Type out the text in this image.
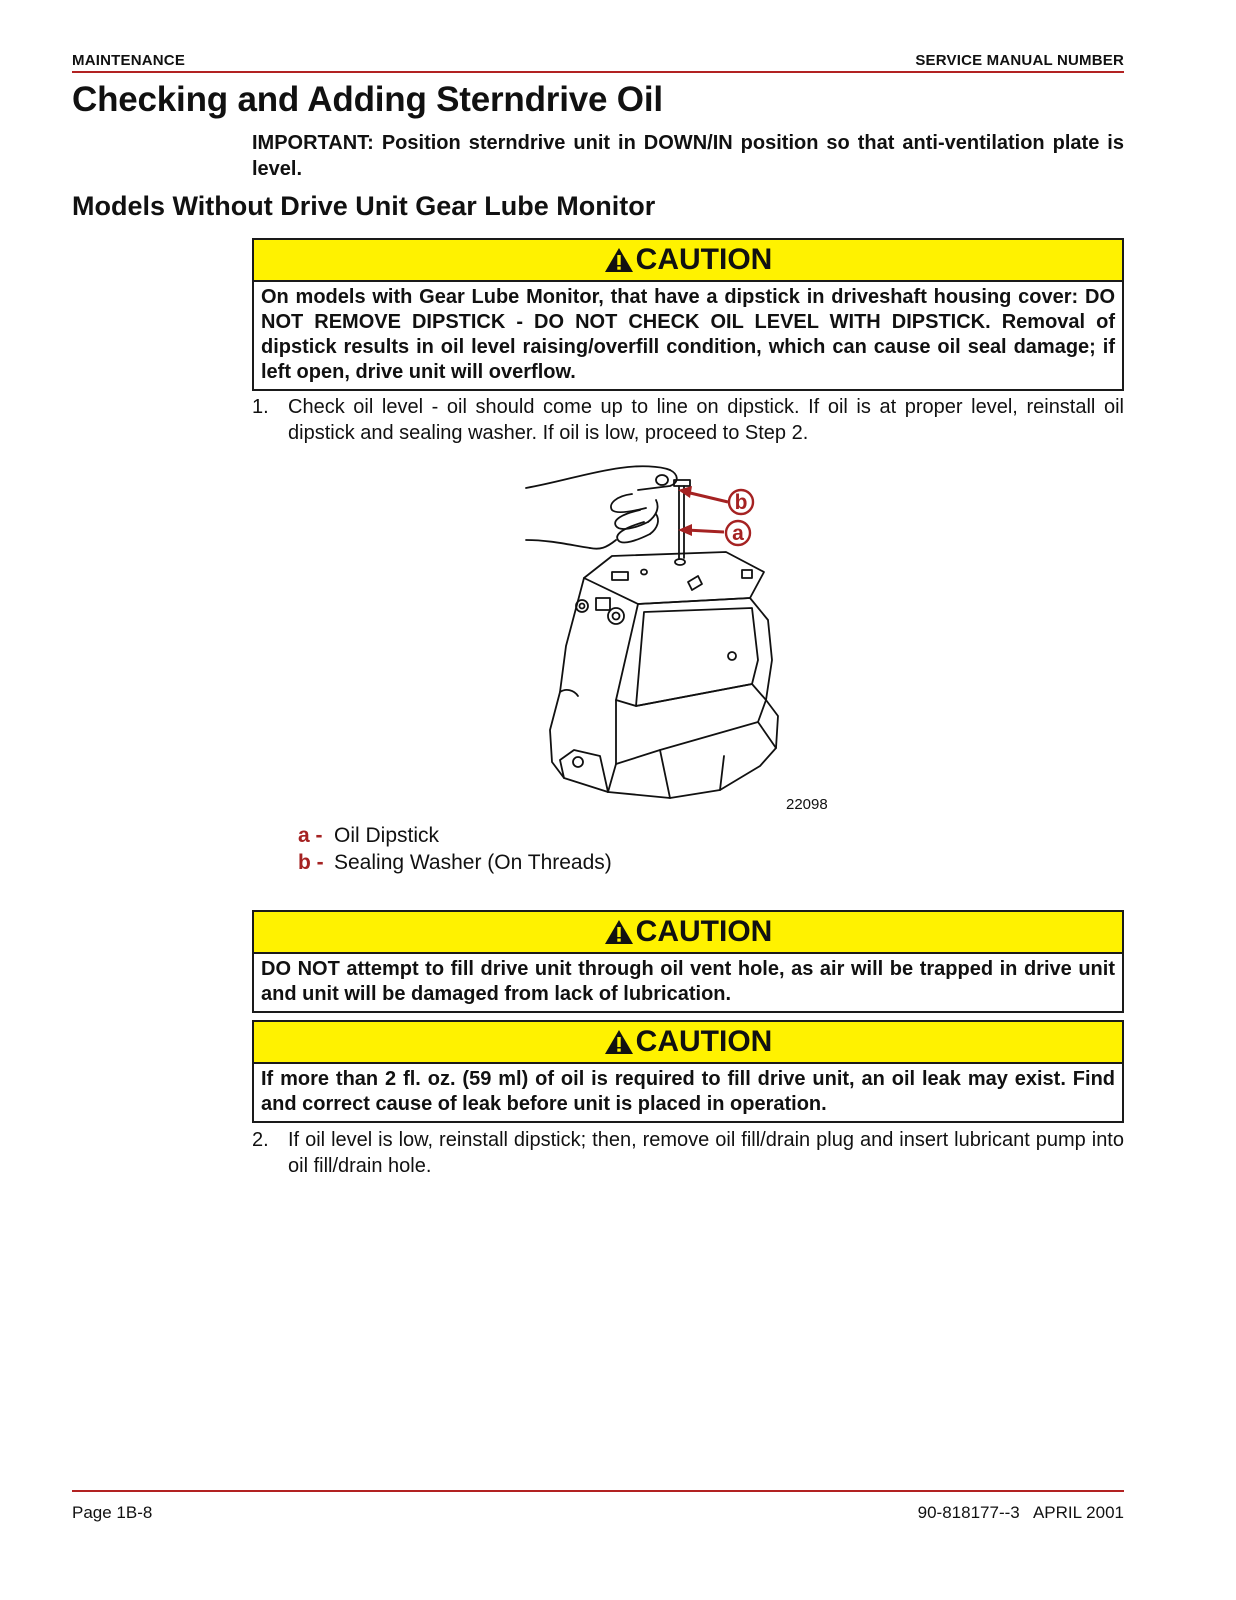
MAINTENANCE	SERVICE MANUAL NUMBER
Checking and Adding Sterndrive Oil
IMPORTANT: Position sterndrive unit in DOWN/IN position so that anti-ventilation plate is level.
Models Without Drive Unit Gear Lube Monitor
CAUTION
On models with Gear Lube Monitor, that have a dipstick in driveshaft housing cover: DO NOT REMOVE DIPSTICK - DO NOT CHECK OIL LEVEL WITH DIPSTICK. Removal of dipstick results in oil level raising/overfill condition, which can cause oil seal damage; if left open, drive unit will overflow.
1. Check oil level - oil should come up to line on dipstick. If oil is at proper level, reinstall oil dipstick and sealing washer. If oil is low, proceed to Step 2.
b
a
22098
a - Oil Dipstick
b - Sealing Washer (On Threads)
CAUTION
DO NOT attempt to fill drive unit through oil vent hole, as air will be trapped in drive unit and unit will be damaged from lack of lubrication.
CAUTION
If more than 2 fl. oz. (59 ml) of oil is required to fill drive unit, an oil leak may exist. Find and correct cause of leak before unit is placed in operation.
2. If oil level is low, reinstall dipstick; then, remove oil fill/drain plug and insert lubricant pump into oil fill/drain hole.
Page 1B-8	90-818177--3   APRIL 2001
